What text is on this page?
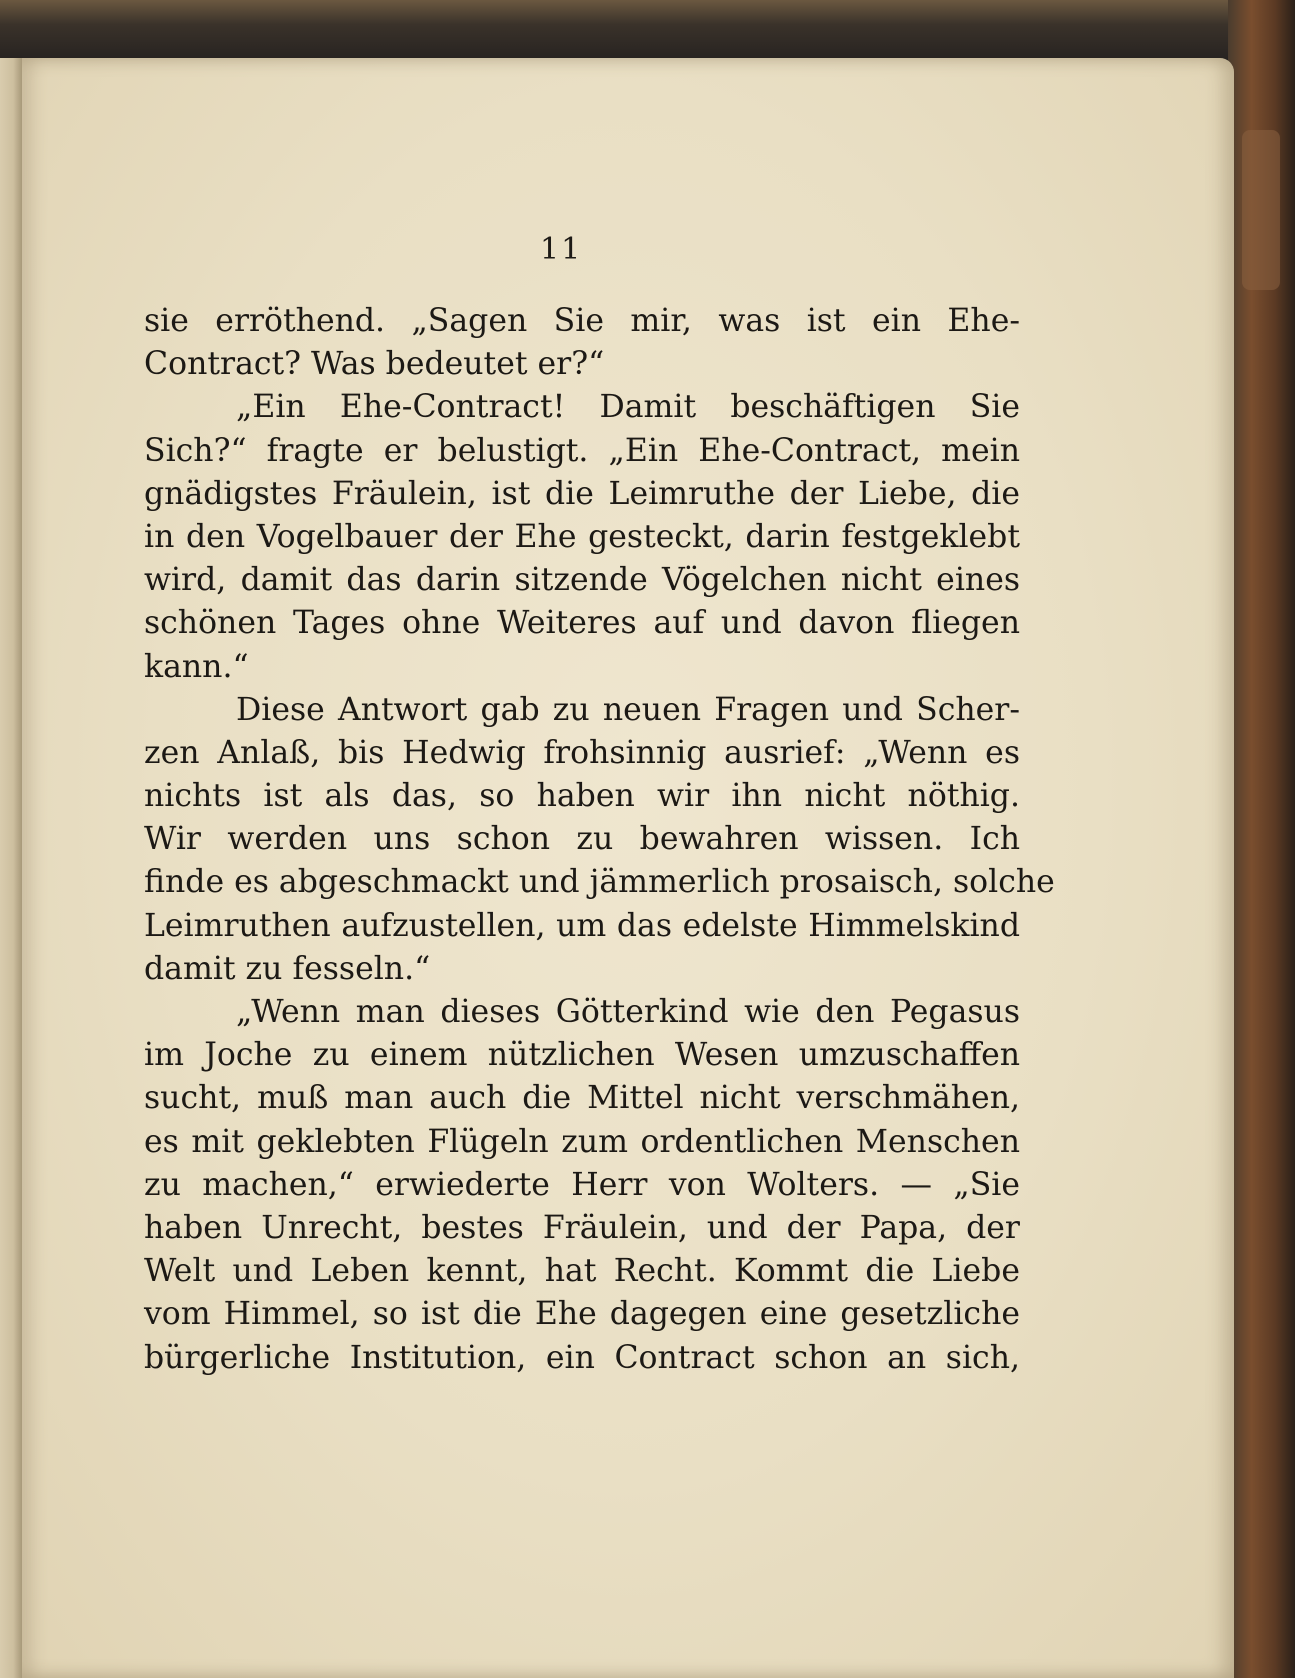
11
sie erröthend. „Sagen Sie mir, was ist ein Ehe-
Contract? Was bedeutet er?“
„Ein Ehe-Contract! Damit beschäftigen Sie
Sich?“ fragte er belustigt. „Ein Ehe-Contract, mein
gnädigstes Fräulein, ist die Leimruthe der Liebe, die
in den Vogelbauer der Ehe gesteckt, darin festgeklebt
wird, damit das darin sitzende Vögelchen nicht eines
schönen Tages ohne Weiteres auf und davon fliegen
kann.“
Diese Antwort gab zu neuen Fragen und Scher-
zen Anlaß, bis Hedwig frohsinnig ausrief: „Wenn es
nichts ist als das, so haben wir ihn nicht nöthig.
Wir werden uns schon zu bewahren wissen. Ich
finde es abgeschmackt und jämmerlich prosaisch, solche
Leimruthen aufzustellen, um das edelste Himmelskind
damit zu fesseln.“
„Wenn man dieses Götterkind wie den Pegasus
im Joche zu einem nützlichen Wesen umzuschaffen
sucht, muß man auch die Mittel nicht verschmähen,
es mit geklebten Flügeln zum ordentlichen Menschen
zu machen,“ erwiederte Herr von Wolters. — „Sie
haben Unrecht, bestes Fräulein, und der Papa, der
Welt und Leben kennt, hat Recht. Kommt die Liebe
vom Himmel, so ist die Ehe dagegen eine gesetzliche
bürgerliche Institution, ein Contract schon an sich,
